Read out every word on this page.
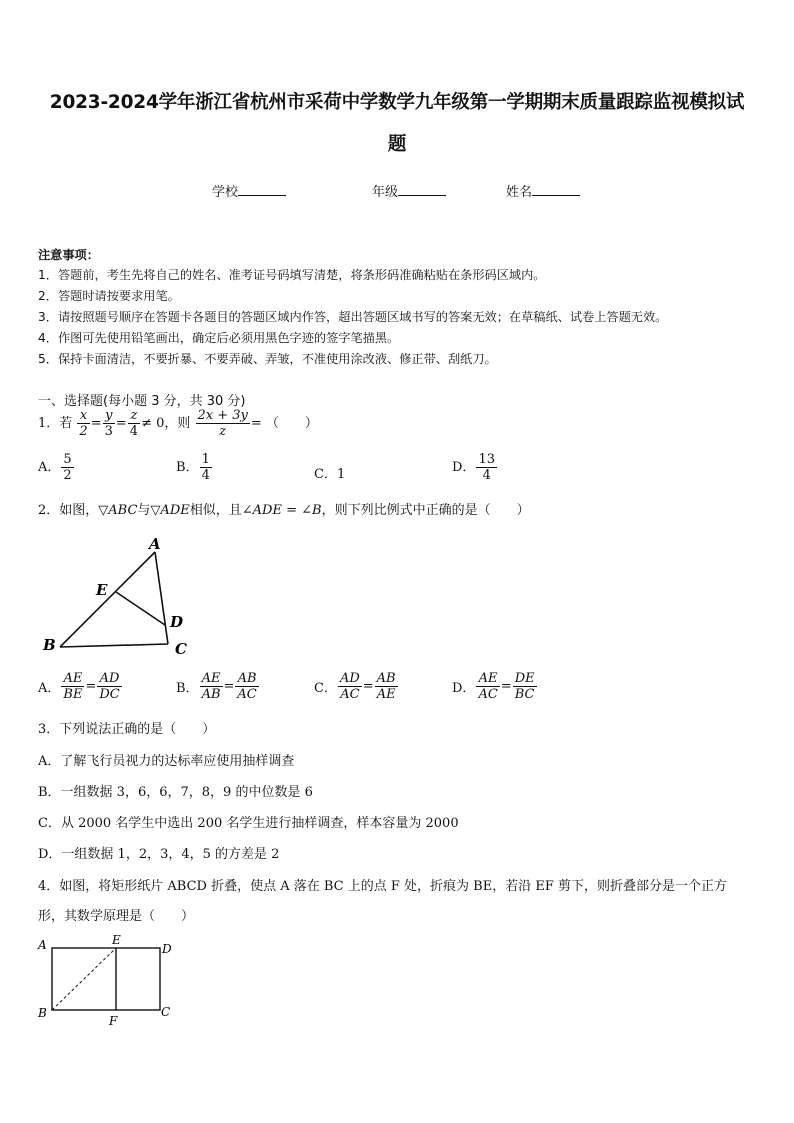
2023-2024学年浙江省杭州市采荷中学数学九年级第一学期期末质量跟踪监视模拟试
题
学校	年级	姓名
注意事项：
1．答题前，考生先将自己的姓名、准考证号码填写清楚，将条形码准确粘贴在条形码区域内。
2．答题时请按要求用笔。
3．请按照题号顺序在答题卡各题目的答题区域内作答，超出答题区域书写的答案无效；在草稿纸、试卷上答题无效。
4．作图可先使用铅笔画出，确定后必须用黑色字迹的签字笔描黑。
5．保持卡面清洁，不要折暴、不要弄破、弄皱，不准使用涂改液、修正带、刮纸刀。
一、选择题(每小题 3 分，共 30 分)
1．若 $\frac{x}{2} = \frac{y}{3} = \frac{z}{4} \ne 0$，则 $\frac{2x + 3y}{z}$ = （　　）
A． $\frac{5}{2}$	B． $\frac{1}{4}$	C．1	D． $\frac{13}{4}$
2．如图，▽ABC与▽ADE相似，且∠ADE = ∠B，则下列比例式中正确的是（　　）
A
E
D
B	C
A． $\frac{AE}{BE} = \frac{AD}{DC}$	B． $\frac{AE}{AB} = \frac{AB}{AC}$	C． $\frac{AD}{AC} = \frac{AB}{AE}$	D． $\frac{AE}{AC} = \frac{DE}{BC}$
3．下列说法正确的是（　　）
A．了解飞行员视力的达标率应使用抽样调查
B．一组数据 3，6，6，7，8，9 的中位数是 6
C．从 2000 名学生中选出 200 名学生进行抽样调查，样本容量为 2000
D．一组数据 1，2，3，4，5 的方差是 2
4．如图，将矩形纸片 ABCD 折叠，使点 A 落在 BC 上的点 F 处，折痕为 BE，若沿 EF 剪下，则折叠部分是一个正方
形，其数学原理是（　　）
A	E
D
B
F
C
